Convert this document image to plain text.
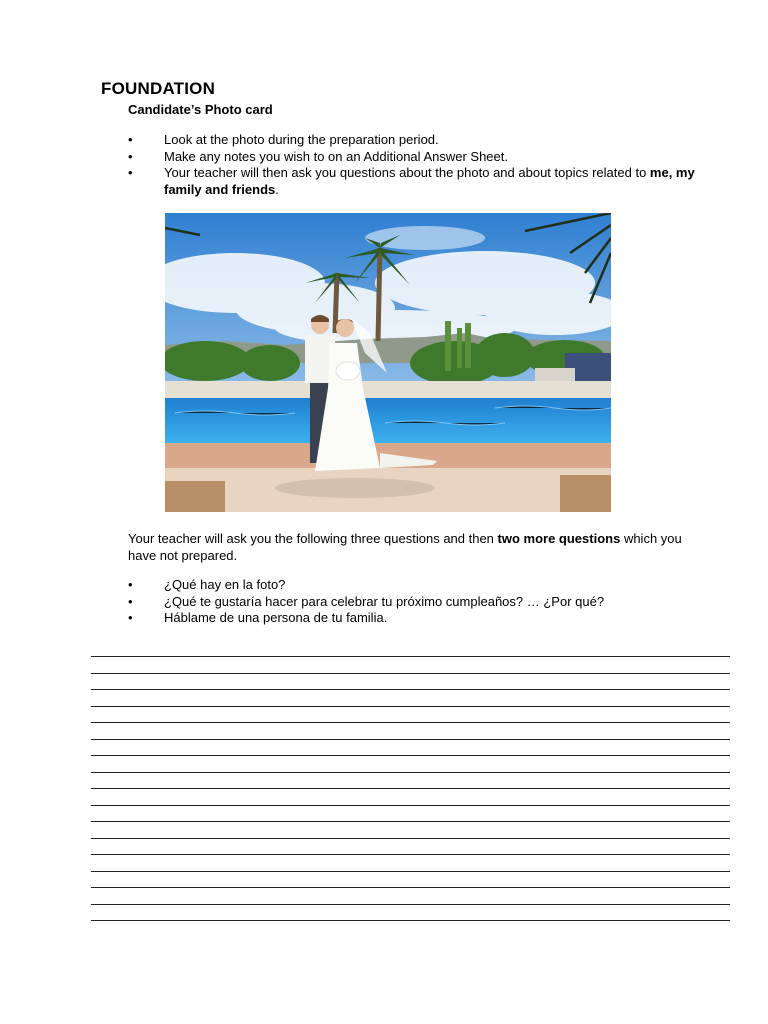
FOUNDATION
Candidate’s Photo card
• Look at the photo during the preparation period.
• Make any notes you wish to on an Additional Answer Sheet.
• Your teacher will then ask you questions about the photo and about topics related to me, my family and friends.

Your teacher will ask you the following three questions and then two more questions which you have not prepared.

• ¿Qué hay en la foto?
• ¿Qué te gustaría hacer para celebrar tu próximo cumpleaños? … ¿Por qué?
• Háblame de una persona de tu familia.
